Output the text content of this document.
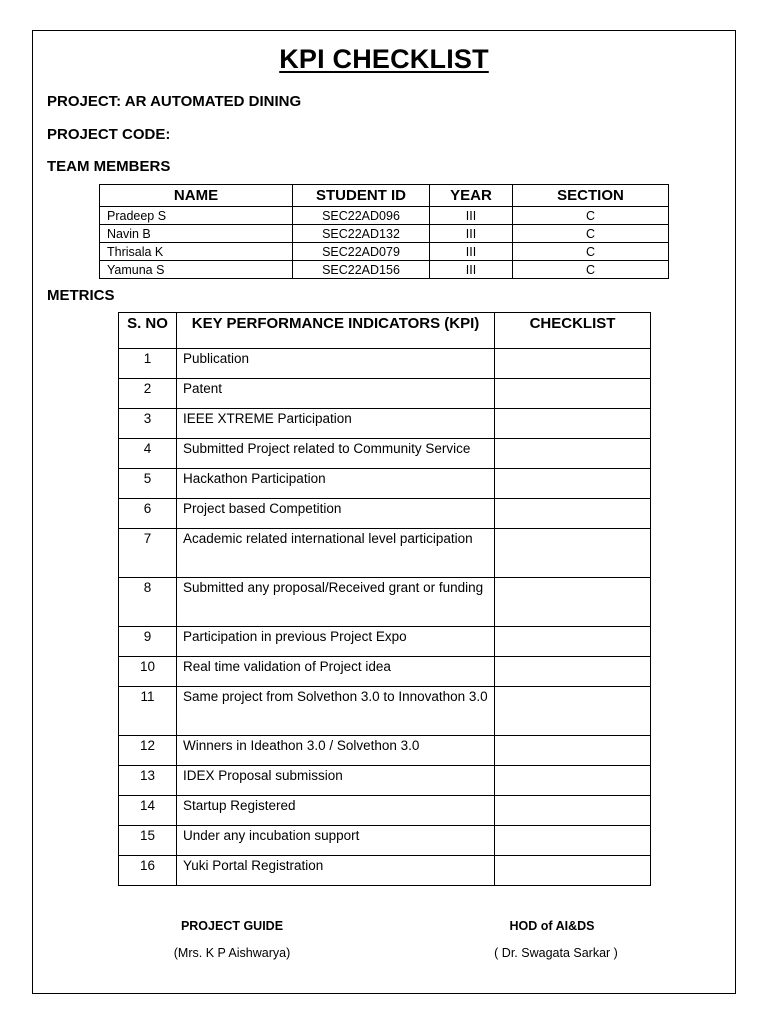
KPI CHECKLIST
PROJECT: AR AUTOMATED DINING
PROJECT CODE:
TEAM MEMBERS
NAME	STUDENT ID	YEAR	SECTION
Pradeep S	SEC22AD096	III	C
Navin B	SEC22AD132	III	C
Thrisala K	SEC22AD079	III	C
Yamuna S	SEC22AD156	III	C
METRICS
S. NO	KEY PERFORMANCE INDICATORS (KPI)	CHECKLIST
1	Publication	
2	Patent	
3	IEEE XTREME Participation	
4	Submitted Project related to Community Service	
5	Hackathon Participation	
6	Project based Competition	
7	Academic related international level participation	
8	Submitted any proposal/Received grant or funding	
9	Participation in previous Project Expo	
10	Real time validation of Project idea	
11	Same project from Solvethon 3.0 to Innovathon 3.0	
12	Winners in Ideathon 3.0 / Solvethon 3.0	
13	IDEX Proposal submission	
14	Startup Registered	
15	Under any incubation support	
16	Yuki Portal Registration	
PROJECT GUIDE
(Mrs. K P Aishwarya)
HOD of AI&DS
( Dr. Swagata Sarkar )
